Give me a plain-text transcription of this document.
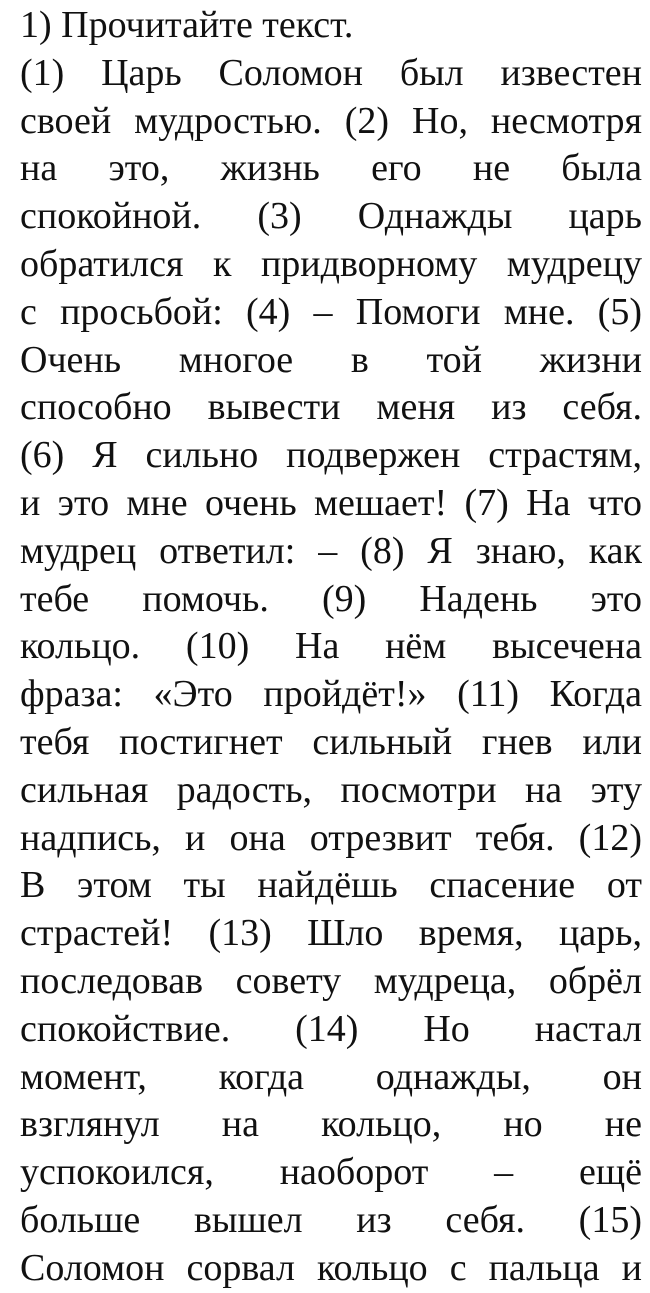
1) Прочитайте текст.

(1) Царь Соломон был известен
своей мудростью. (2) Но, несмотря
на это, жизнь его не была
спокойной. (3) Однажды царь
обратился к придворному мудрецу
с просьбой: (4) – Помоги мне. (5)
Очень многое в той жизни
способно вывести меня из себя.
(6) Я сильно подвержен страстям,
и это мне очень мешает! (7) На что
мудрец ответил: – (8) Я знаю, как
тебе помочь. (9) Надень это
кольцо. (10) На нём высечена
фраза: «Это пройдёт!» (11) Когда
тебя постигнет сильный гнев или
сильная радость, посмотри на эту
надпись, и она отрезвит тебя. (12)
В этом ты найдёшь спасение от
страстей! (13) Шло время, царь,
последовав совету мудреца, обрёл
спокойствие. (14) Но настал
момент, когда однажды, он
взглянул на кольцо, но не
успокоился, наоборот – ещё
больше вышел из себя. (15)
Соломон сорвал кольцо с пальца и
